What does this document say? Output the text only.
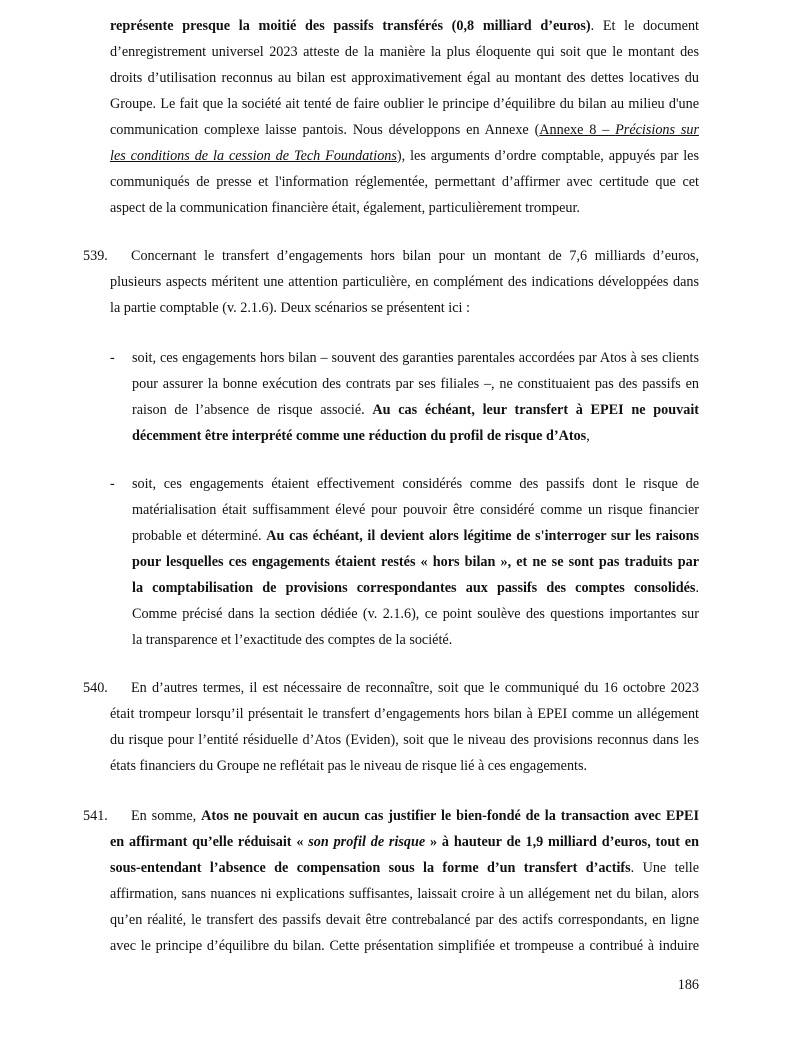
représente presque la moitié des passifs transférés (0,8 milliard d’euros). Et le document
d’enregistrement universel 2023 atteste de la manière la plus éloquente qui soit que le montant des
droits d’utilisation reconnus au bilan est approximativement égal au montant des dettes locatives du
Groupe. Le fait que la société ait tenté de faire oublier le principe d’équilibre du bilan au milieu d'une
communication complexe laisse pantois. Nous développons en Annexe (Annexe 8 – Précisions sur
les conditions de la cession de Tech Foundations), les arguments d’ordre comptable, appuyés par les
communiqués de presse et l'information réglementée, permettant d’affirmer avec certitude que cet
aspect de la communication financière était, également, particulièrement trompeur.
539. Concernant le transfert d’engagements hors bilan pour un montant de 7,6 milliards d’euros,
plusieurs aspects méritent une attention particulière, en complément des indications développées dans
la partie comptable (v. 2.1.6). Deux scénarios se présentent ici :
- soit, ces engagements hors bilan – souvent des garanties parentales accordées par Atos à ses clients
pour assurer la bonne exécution des contrats par ses filiales –, ne constituaient pas des passifs en
raison de l’absence de risque associé. Au cas échéant, leur transfert à EPEI ne pouvait
décemment être interprété comme une réduction du profil de risque d’Atos,
- soit, ces engagements étaient effectivement considérés comme des passifs dont le risque de
matérialisation était suffisamment élevé pour pouvoir être considéré comme un risque financier
probable et déterminé. Au cas échéant, il devient alors légitime de s'interroger sur les raisons
pour lesquelles ces engagements étaient restés « hors bilan », et ne se sont pas traduits par
la comptabilisation de provisions correspondantes aux passifs des comptes consolidés.
Comme précisé dans la section dédiée (v. 2.1.6), ce point soulève des questions importantes sur
la transparence et l’exactitude des comptes de la société.
540. En d’autres termes, il est nécessaire de reconnaître, soit que le communiqué du 16 octobre 2023
était trompeur lorsqu’il présentait le transfert d’engagements hors bilan à EPEI comme un allégement
du risque pour l’entité résiduelle d’Atos (Eviden), soit que le niveau des provisions reconnus dans les
états financiers du Groupe ne reflétait pas le niveau de risque lié à ces engagements.
541. En somme, Atos ne pouvait en aucun cas justifier le bien-fondé de la transaction avec EPEI
en affirmant qu’elle réduisait « son profil de risque » à hauteur de 1,9 milliard d’euros, tout en
sous-entendant l’absence de compensation sous la forme d’un transfert d’actifs. Une telle
affirmation, sans nuances ni explications suffisantes, laissait croire à un allégement net du bilan, alors
qu’en réalité, le transfert des passifs devait être contrebalancé par des actifs correspondants, en ligne
avec le principe d’équilibre du bilan. Cette présentation simplifiée et trompeuse a contribué à induire
186
